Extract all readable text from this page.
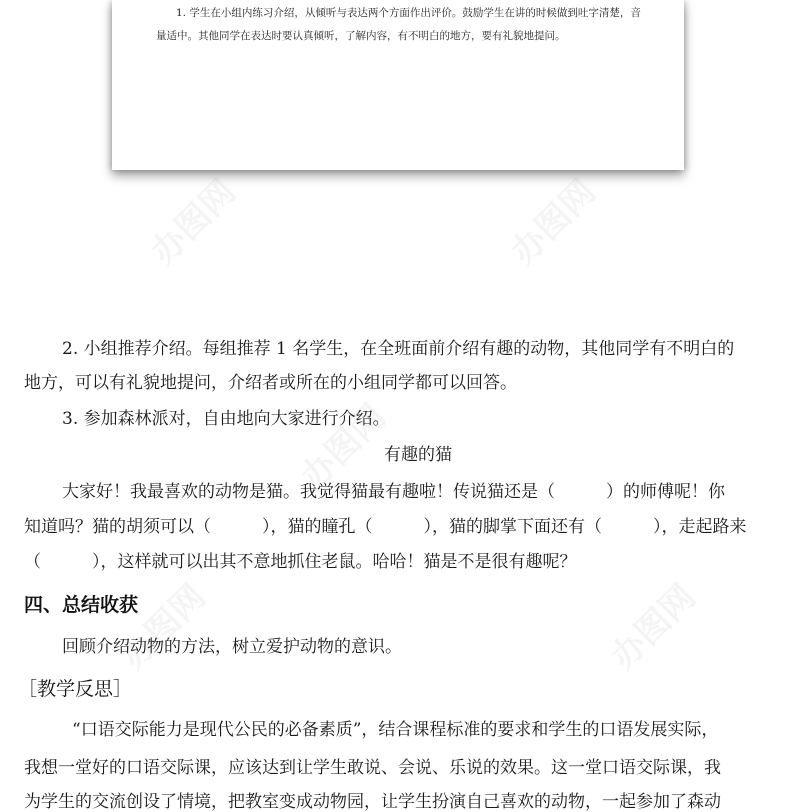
办图网	办图网
办图网
办图网	办图网
1. 学生在小组内练习介绍，从倾听与表达两个方面作出评价。鼓励学生在讲的时候做到吐字清楚，音量适中。其他同学在表达时要认真倾听，了解内容，有不明白的地方，要有礼貌地提问。
2. 小组推荐介绍。每组推荐 1 名学生，在全班面前介绍有趣的动物，其他同学有不明白的
地方，可以有礼貌地提问，介绍者或所在的小组同学都可以回答。
3. 参加森林派对，自由地向大家进行介绍。
有趣的猫
大家好！我最喜欢的动物是猫。我觉得猫最有趣啦！传说猫还是（　　　）的师傅呢！你
知道吗？猫的胡须可以（　　　），猫的瞳孔（　　　），猫的脚掌下面还有（　　　），走起路来
（　　　），这样就可以出其不意地抓住老鼠。哈哈！猫是不是很有趣呢？
四、总结收获
回顾介绍动物的方法，树立爱护动物的意识。
［教学反思］
“口语交际能力是现代公民的必备素质”，结合课程标准的要求和学生的口语发展实际，
我想一堂好的口语交际课，应该达到让学生敢说、会说、乐说的效果。这一堂口语交际课，我
为学生的交流创设了情境，把教室变成动物园，让学生扮演自己喜欢的动物，一起参加了森动
